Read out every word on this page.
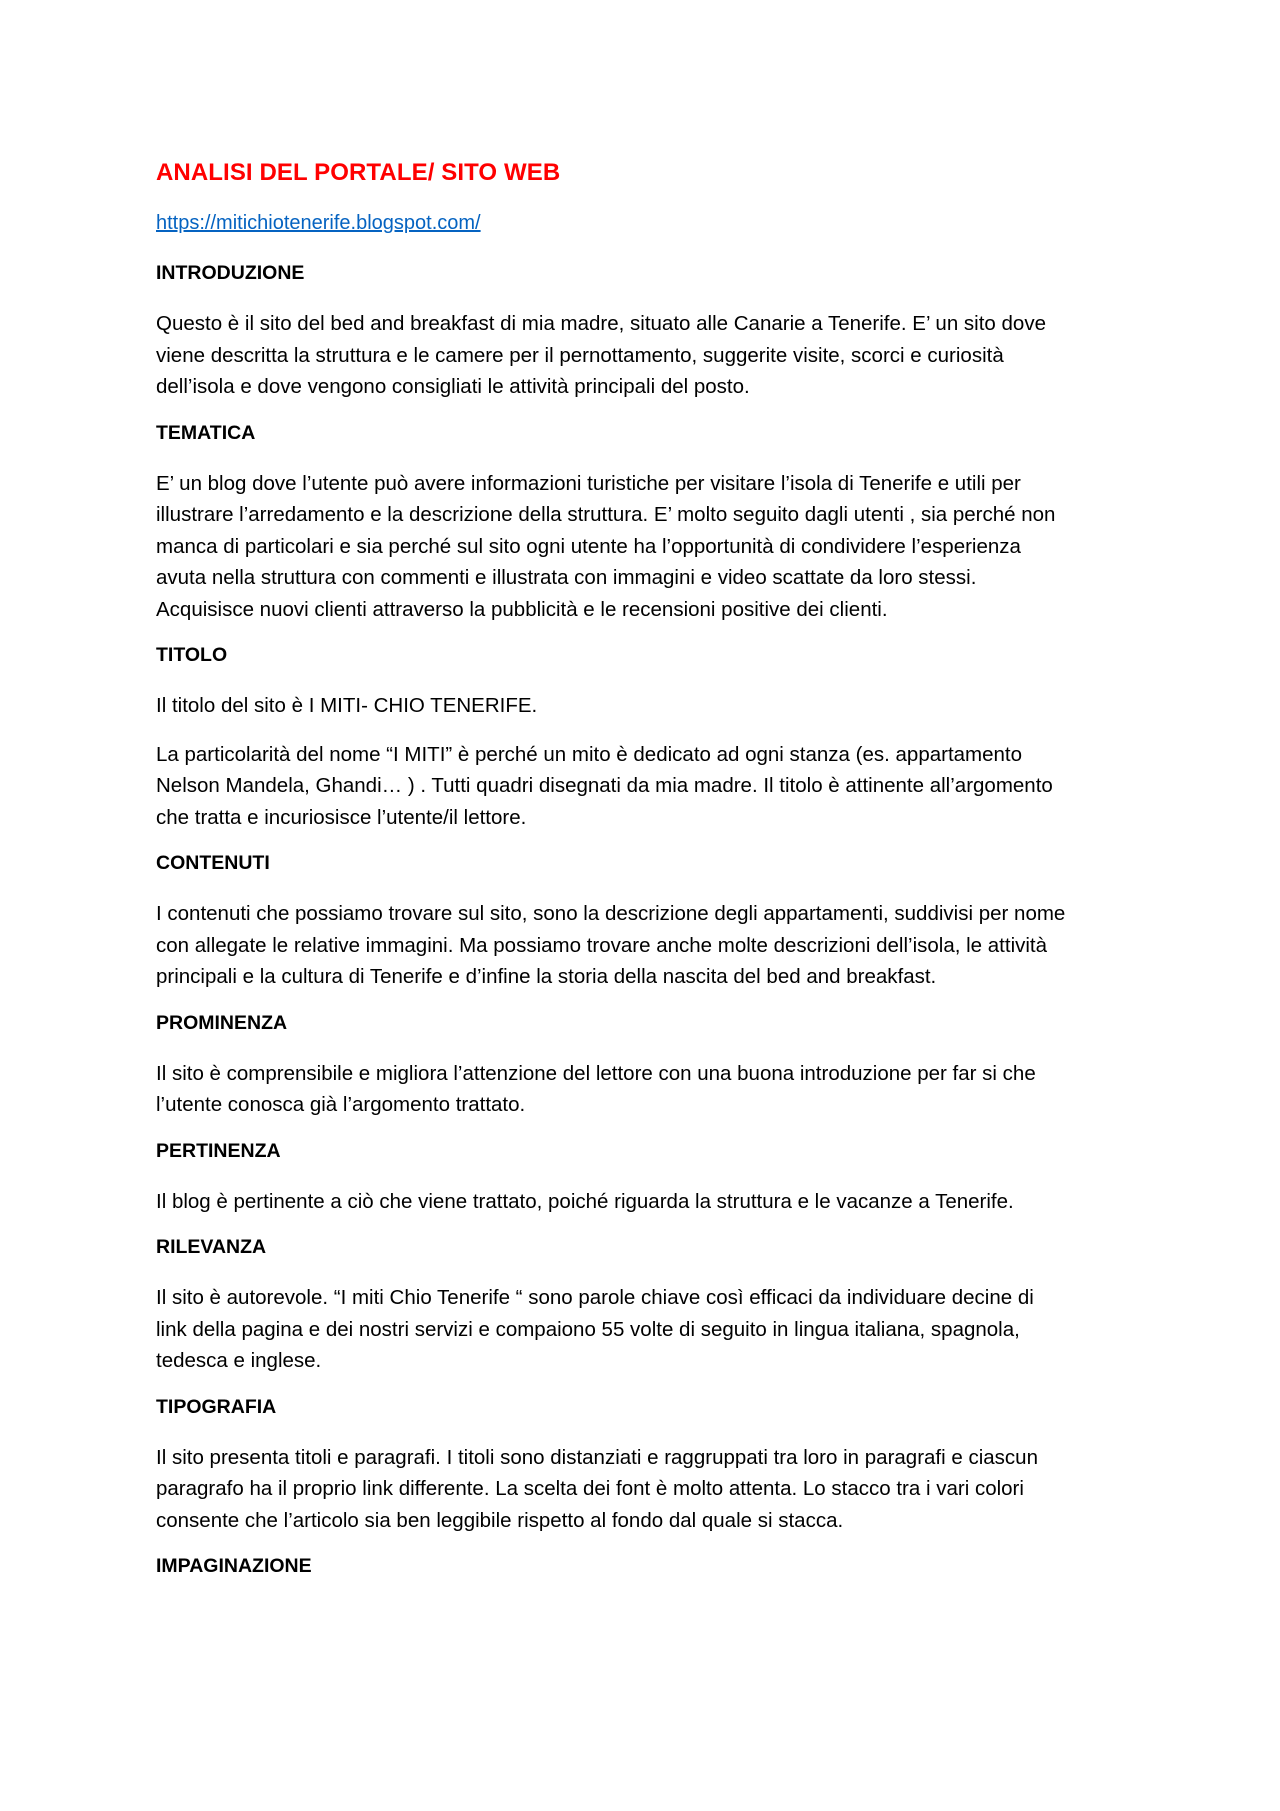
ANALISI DEL PORTALE/ SITO WEB
https://mitichiotenerife.blogspot.com/
INTRODUZIONE
Questo è il sito del bed and breakfast di mia madre, situato alle Canarie a Tenerife. E’ un sito dove
viene descritta la struttura e le camere per il pernottamento, suggerite visite, scorci e curiosità
dell’isola e dove vengono consigliati le attività principali del posto.
TEMATICA
E’ un blog dove l’utente può avere informazioni turistiche per visitare l’isola di Tenerife e utili per
illustrare l’arredamento e la descrizione della struttura. E’ molto seguito dagli utenti , sia perché non
manca di particolari e sia perché sul sito ogni utente ha l’opportunità di condividere l’esperienza
avuta nella struttura con commenti e illustrata con immagini e video scattate da loro stessi.
Acquisisce nuovi clienti attraverso la pubblicità e le recensioni positive dei clienti.
TITOLO
Il titolo del sito è I MITI- CHIO TENERIFE.
La particolarità del nome “I MITI” è perché un mito è dedicato ad ogni stanza (es. appartamento
Nelson Mandela, Ghandi… ) . Tutti quadri disegnati da mia madre. Il titolo è attinente all’argomento
che tratta e incuriosisce l’utente/il lettore.
CONTENUTI
I contenuti che possiamo trovare sul sito, sono la descrizione degli appartamenti, suddivisi per nome
con allegate le relative immagini. Ma possiamo trovare anche molte descrizioni dell’isola, le attività
principali e la cultura di Tenerife e d’infine la storia della nascita del bed and breakfast.
PROMINENZA
Il sito è comprensibile e migliora l’attenzione del lettore con una buona introduzione per far si che
l’utente conosca già l’argomento trattato.
PERTINENZA
Il blog è pertinente a ciò che viene trattato, poiché riguarda la struttura e le vacanze a Tenerife.
RILEVANZA
Il sito è autorevole. “I miti Chio Tenerife “ sono parole chiave così efficaci da individuare decine di
link della pagina e dei nostri servizi e compaiono 55 volte di seguito in lingua italiana, spagnola,
tedesca e inglese.
TIPOGRAFIA
Il sito presenta titoli e paragrafi. I titoli sono distanziati e raggruppati tra loro in paragrafi e ciascun
paragrafo ha il proprio link differente. La scelta dei font è molto attenta. Lo stacco tra i vari colori
consente che l’articolo sia ben leggibile rispetto al fondo dal quale si stacca.
IMPAGINAZIONE
